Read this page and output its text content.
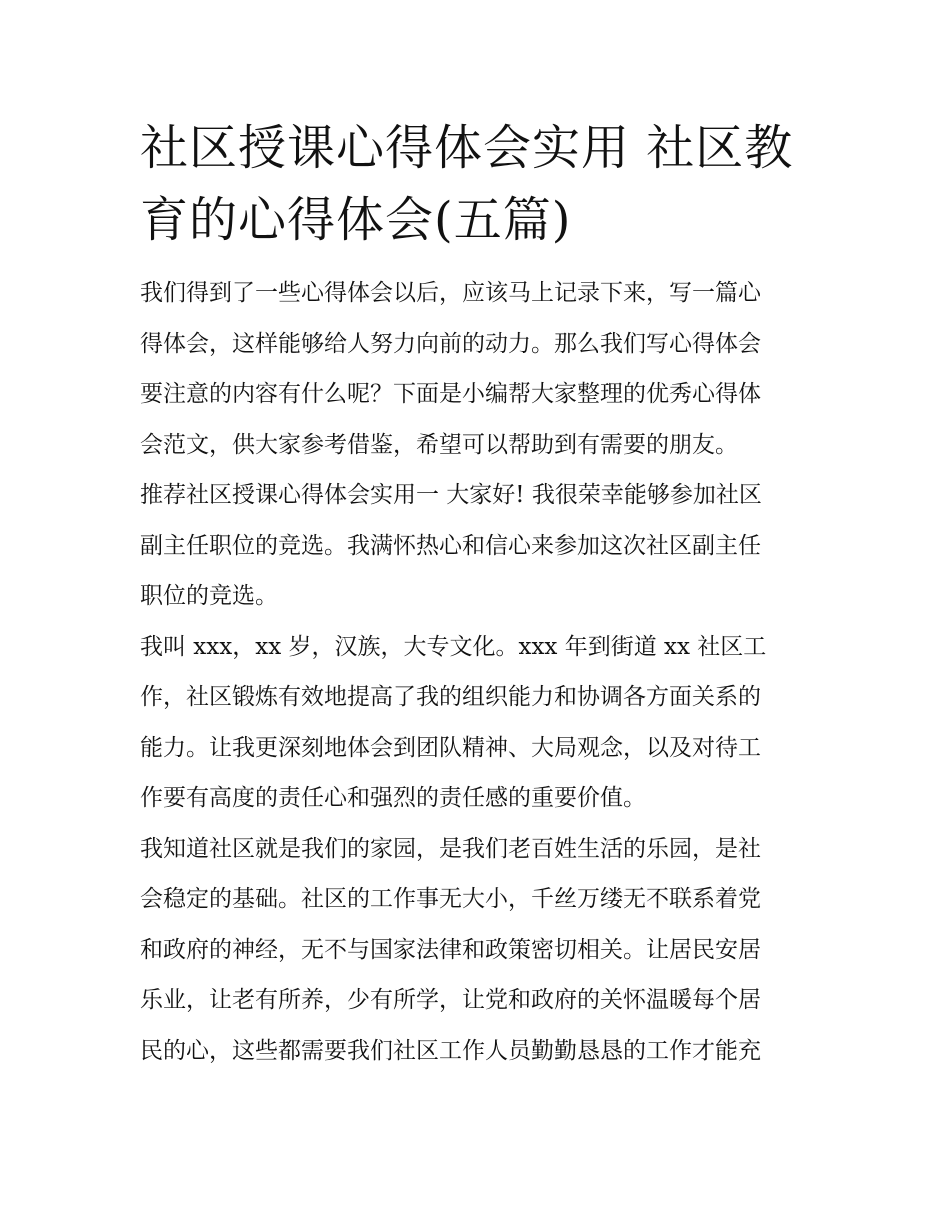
社区授课心得体会实用 社区教
育的心得体会(五篇)
我们得到了一些心得体会以后，应该马上记录下来，写一篇心
得体会，这样能够给人努力向前的动力。那么我们写心得体会
要注意的内容有什么呢？下面是小编帮大家整理的优秀心得体
会范文，供大家参考借鉴，希望可以帮助到有需要的朋友。
推荐社区授课心得体会实用一 大家好! 我很荣幸能够参加社区
副主任职位的竞选。我满怀热心和信心来参加这次社区副主任
职位的竞选。
我叫 xxx，xx 岁，汉族，大专文化。xxx 年到街道 xx 社区工
作，社区锻炼有效地提高了我的组织能力和协调各方面关系的
能力。让我更深刻地体会到团队精神、大局观念，以及对待工
作要有高度的责任心和强烈的责任感的重要价值。
我知道社区就是我们的家园，是我们老百姓生活的乐园，是社
会稳定的基础。社区的工作事无大小，千丝万缕无不联系着党
和政府的神经，无不与国家法律和政策密切相关。让居民安居
乐业，让老有所养，少有所学，让党和政府的关怀温暖每个居
民的心，这些都需要我们社区工作人员勤勤恳恳的工作才能充
